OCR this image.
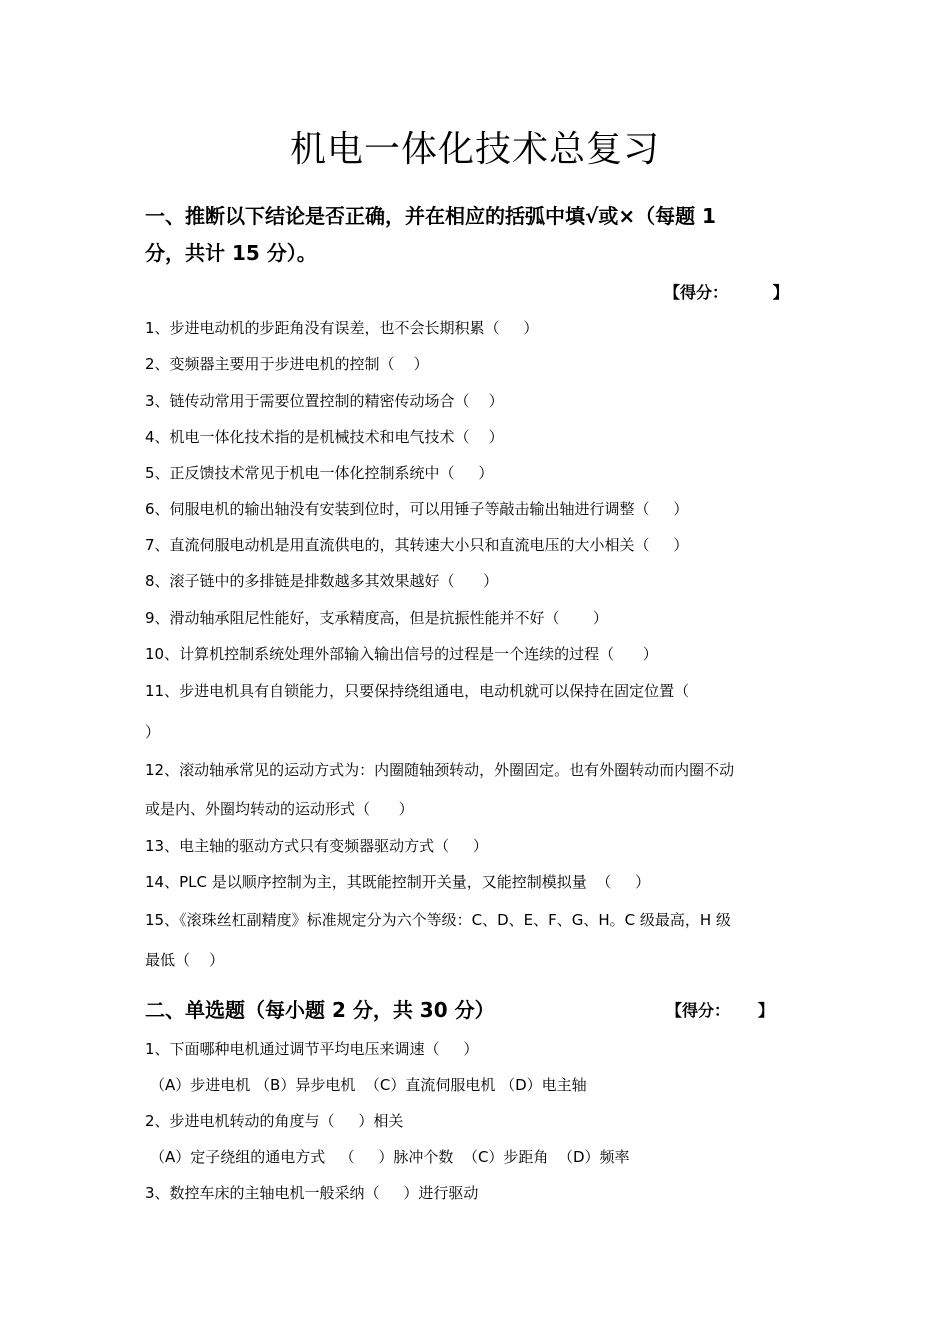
机电一体化技术总复习

一、推断以下结论是否正确，并在相应的括弧中填√或×（每题 1

分，共计 15 分）。

【得分：        】

1、步进电动机的步距角没有误差，也不会长期积累（     ）

2、变频器主要用于步进电机的控制（    ）

3、链传动常用于需要位置控制的精密传动场合（    ）

4、机电一体化技术指的是机械技术和电气技术（    ）

5、正反馈技术常见于机电一体化控制系统中（     ）

6、伺服电机的输出轴没有安装到位时，可以用锤子等敲击输出轴进行调整（     ）

7、直流伺服电动机是用直流供电的，其转速大小只和直流电压的大小相关（     ）

8、滚子链中的多排链是排数越多其效果越好（      ）

9、滑动轴承阻尼性能好，支承精度高，但是抗振性能并不好（       ）

10、计算机控制系统处理外部输入输出信号的过程是一个连续的过程（      ）

11、步进电机具有自锁能力，只要保持绕组通电，电动机就可以保持在固定位置（

）

12、滚动轴承常见的运动方式为：内圈随轴颈转动，外圈固定。也有外圈转动而内圈不动

或是内、外圈均转动的运动形式（      ）

13、电主轴的驱动方式只有变频器驱动方式（     ）

14、PLC 是以顺序控制为主，其既能控制开关量，又能控制模拟量  （     ）

15、《滚珠丝杠副精度》标准规定分为六个等级：C、D、E、F、G、H。C 级最高，H 级

最低（    ）

二、单选题（每小题 2 分，共 30 分）	【得分：     】

1、下面哪种电机通过调节平均电压来调速（     ）

（A）步进电机 （B）异步电机  （C）直流伺服电机 （D）电主轴

2、步进电机转动的角度与（     ）相关

（A）定子绕组的通电方式   （     ）脉冲个数  （C）步距角  （D）频率

3、数控车床的主轴电机一般采纳（     ）进行驱动
